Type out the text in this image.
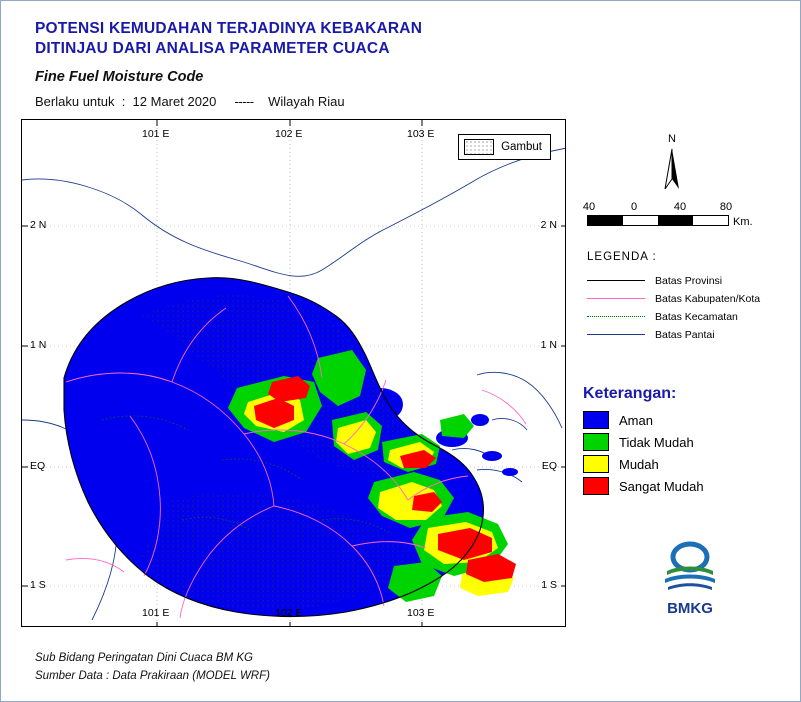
POTENSI KEMUDAHAN TERJADINYA KEBAKARAN
DITINJAU DARI ANALISA PARAMETER CUACA
Fine Fuel Moisture Code
Berlaku untuk  :  12 Maret 2020 ----- Wilayah Riau
2 N
1 N
EQ
1 S
2 N
1 N
EQ
1 S
101 E	102 E	103 E
101 E	102 E	103 E
Gambut
N
40	0	40	80
Km.
LEGENDA :
Batas Provinsi
Batas Kabupaten/Kota
Batas Kecamatan
Batas Pantai
Keterangan:
Aman
Tidak Mudah
Mudah
Sangat Mudah
BMKG
Sub Bidang Peringatan Dini Cuaca BM KG
Sumber Data : Data Prakiraan (MODEL WRF)
